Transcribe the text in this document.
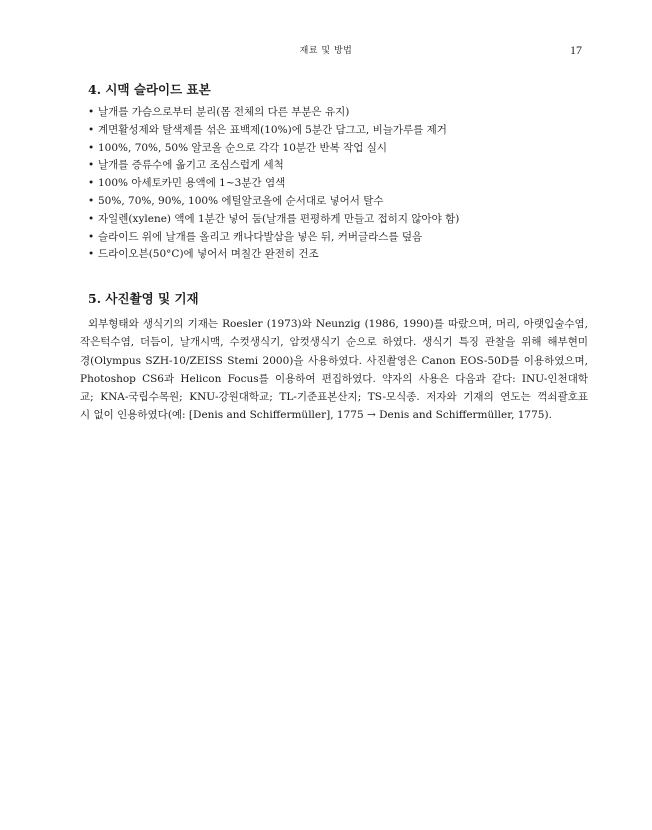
재료 및 방법	17
4. 시맥 슬라이드 표본
• 날개를 가슴으로부터 분리(몸 전체의 다른 부분은 유지)
• 계면활성제와 탈색제를 섞은 표백제(10%)에 5분간 담그고, 비늘가루를 제거
• 100%, 70%, 50% 알코올 순으로 각각 10분간 반복 작업 실시
• 날개를 증류수에 옮기고 조심스럽게 세척
• 100% 아세토카민 용액에 1~3분간 염색
• 50%, 70%, 90%, 100% 에틸알코올에 순서대로 넣어서 탈수
• 자일렌(xylene) 액에 1분간 넣어 둠(날개를 편평하게 만들고 접히지 않아야 함)
• 슬라이드 위에 날개를 올리고 캐나다발삼을 넣은 뒤, 커버글라스를 덮음
• 드라이오븐(50°C)에 넣어서 며칠간 완전히 건조
5. 사진촬영 및 기재

외부형태와 생식기의 기재는 Roesler (1973)와 Neunzig (1986, 1990)를 따랐으며, 머리, 아랫입술수염,
작은턱수염, 더듬이, 날개시맥, 수컷생식기, 암컷생식기 순으로 하였다. 생식기 특징 관찰을 위해 해부현미
경(Olympus SZH-10/ZEISS Stemi 2000)을 사용하였다. 사진촬영은 Canon EOS-50D를 이용하였으며,
Photoshop CS6과 Helicon Focus를 이용하여 편집하였다. 약자의 사용은 다음과 같다: INU-인천대학
교; KNA-국립수목원; KNU-강원대학교; TL-기준표본산지; TS-모식종. 저자와 기재의 연도는 꺽쇠괄호표
시 없이 인용하였다(예: [Denis and Schiffermüller], 1775 → Denis and Schiffermüller, 1775).
